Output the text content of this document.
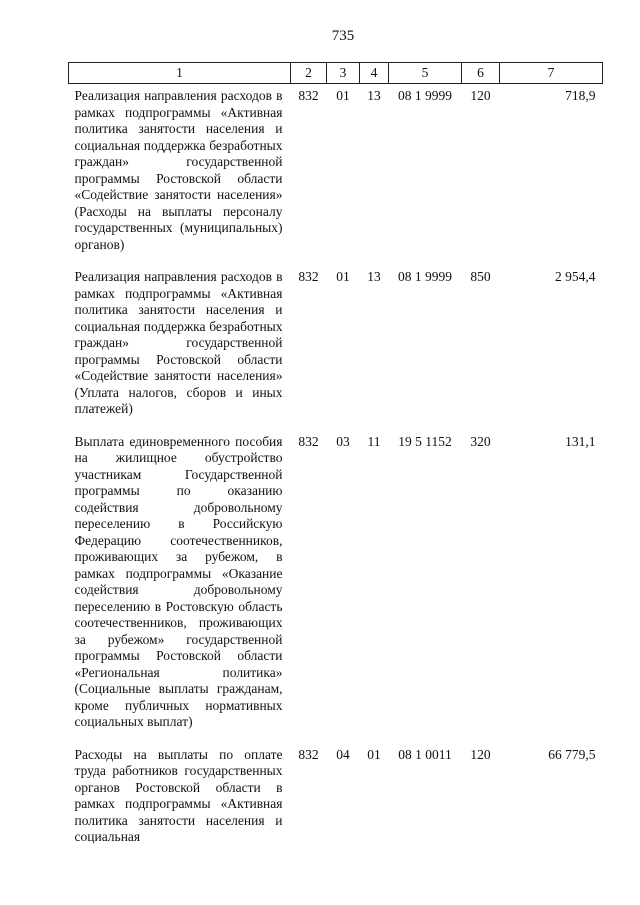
735
1	2	3	4	5	6	7
Реализация направления расходов в рамках подпрограммы «Активная политика занятости населения и социальная поддержка безработных граждан» государственной программы Ростовской области «Содействие занятости населения» (Расходы на выплаты персоналу государственных (муниципальных) органов)	832	01	13	08 1 9999	120	718,9
Реализация направления расходов в рамках подпрограммы «Активная политика занятости населения и социальная поддержка безработных граждан» государственной программы Ростовской области «Содействие занятости населения» (Уплата налогов, сборов и иных платежей)	832	01	13	08 1 9999	850	2 954,4
Выплата единовременного пособия на жилищное обустройство участникам Государственной программы по оказанию содействия добровольному переселению в Российскую Федерацию соотечественников, проживающих за рубежом, в рамках подпрограммы «Оказание содействия добровольному переселению в Ростовскую область соотечественников, проживающих за рубежом» государственной программы Ростовской области «Региональная политика» (Социальные выплаты гражданам, кроме публичных нормативных социальных выплат)	832	03	11	19 5 1152	320	131,1
Расходы на выплаты по оплате труда работников государственных органов Ростовской области в рамках подпрограммы «Активная политика занятости населения и социальная	832	04	01	08 1 0011	120	66 779,5
